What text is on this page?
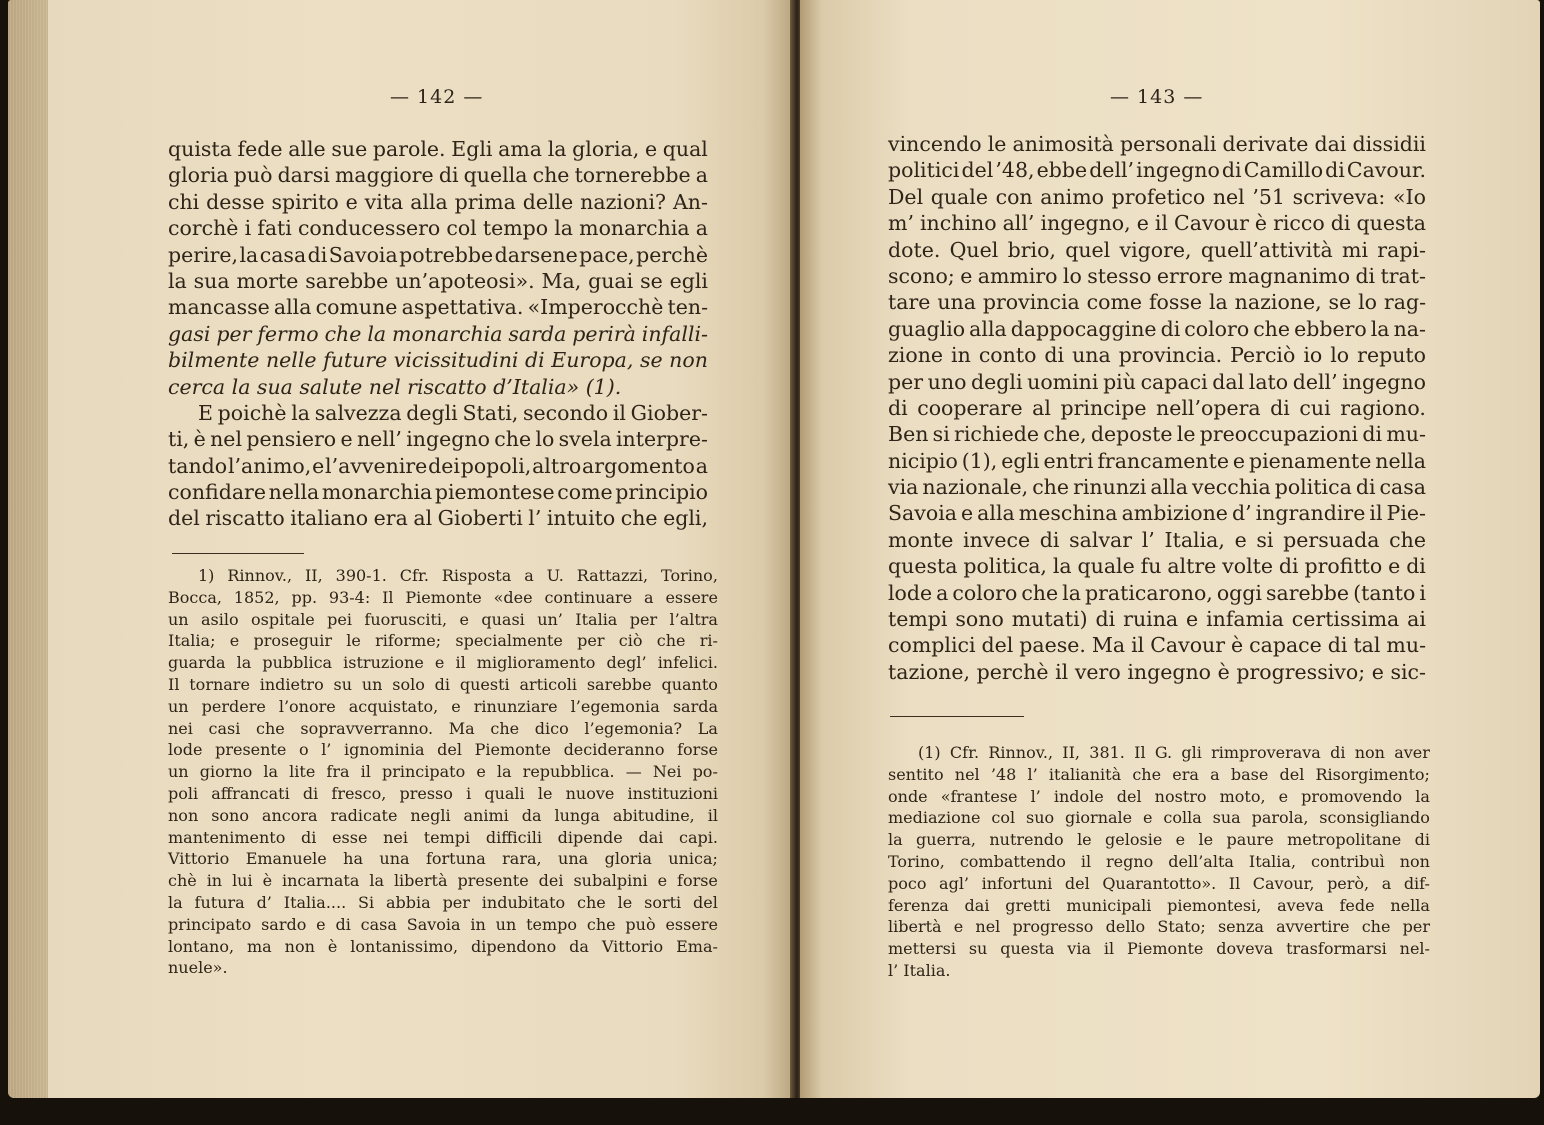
— 142 —
quista fede alle sue parole. Egli ama la gloria, e qual
gloria può darsi maggiore di quella che tornerebbe a
chi desse spirito e vita alla prima delle nazioni? An-
corchè i fati conducessero col tempo la monarchia a
perire, la casa di Savoia potrebbe darsene pace, perchè
la sua morte sarebbe un’apoteosi». Ma, guai se egli
mancasse alla comune aspettativa. «Imperocchè ten-
gasi per fermo che la monarchia sarda perirà infalli-
bilmente nelle future vicissitudini di Europa, se non
cerca la sua salute nel riscatto d’Italia» (1).
E poichè la salvezza degli Stati, secondo il Giober-
ti, è nel pensiero e nell’ ingegno che lo svela interpre-
tando l’animo, e l’avvenire dei popoli, altro argomento a
confidare nella monarchia piemontese come principio
del riscatto italiano era al Gioberti l’ intuito che egli,
1) Rinnov., II, 390-1. Cfr. Risposta a U. Rattazzi, Torino,
Bocca, 1852, pp. 93-4: Il Piemonte «dee continuare a essere
un asilo ospitale pei fuorusciti, e quasi un’ Italia per l’altra
Italia; e proseguir le riforme; specialmente per ciò che ri-
guarda la pubblica istruzione e il miglioramento degl’ infelici.
Il tornare indietro su un solo di questi articoli sarebbe quanto
un perdere l’onore acquistato, e rinunziare l’egemonia sarda
nei casi che sopravverranno. Ma che dico l’egemonia? La
lode presente o l’ ignominia del Piemonte decideranno forse
un giorno la lite fra il principato e la repubblica. — Nei po-
poli affrancati di fresco, presso i quali le nuove instituzioni
non sono ancora radicate negli animi da lunga abitudine, il
mantenimento di esse nei tempi difficili dipende dai capi.
Vittorio Emanuele ha una fortuna rara, una gloria unica;
chè in lui è incarnata la libertà presente dei subalpini e forse
la futura d’ Italia.... Si abbia per indubitato che le sorti del
principato sardo e di casa Savoia in un tempo che può essere
lontano, ma non è lontanissimo, dipendono da Vittorio Ema-
nuele».
— 143 —
vincendo le animosità personali derivate dai dissidii
politici del ’48, ebbe dell’ ingegno di Camillo di Cavour.
Del quale con animo profetico nel ’51 scriveva: «Io
m’ inchino all’ ingegno, e il Cavour è ricco di questa
dote. Quel brio, quel vigore, quell’attività mi rapi-
scono; e ammiro lo stesso errore magnanimo di trat-
tare una provincia come fosse la nazione, se lo rag-
guaglio alla dappocaggine di coloro che ebbero la na-
zione in conto di una provincia. Perciò io lo reputo
per uno degli uomini più capaci dal lato dell’ ingegno
di cooperare al principe nell’opera di cui ragiono.
Ben si richiede che, deposte le preoccupazioni di mu-
nicipio (1), egli entri francamente e pienamente nella
via nazionale, che rinunzi alla vecchia politica di casa
Savoia e alla meschina ambizione d’ ingrandire il Pie-
monte invece di salvar l’ Italia, e si persuada che
questa politica, la quale fu altre volte di profitto e di
lode a coloro che la praticarono, oggi sarebbe (tanto i
tempi sono mutati) di ruina e infamia certissima ai
complici del paese. Ma il Cavour è capace di tal mu-
tazione, perchè il vero ingegno è progressivo; e sic-
(1) Cfr. Rinnov., II, 381. Il G. gli rimproverava di non aver
sentito nel ’48 l’ italianità che era a base del Risorgimento;
onde «frantese l’ indole del nostro moto, e promovendo la
mediazione col suo giornale e colla sua parola, sconsigliando
la guerra, nutrendo le gelosie e le paure metropolitane di
Torino, combattendo il regno dell’alta Italia, contribuì non
poco agl’ infortuni del Quarantotto». Il Cavour, però, a dif-
ferenza dai gretti municipali piemontesi, aveva fede nella
libertà e nel progresso dello Stato; senza avvertire che per
mettersi su questa via il Piemonte doveva trasformarsi nel-
l’ Italia.
